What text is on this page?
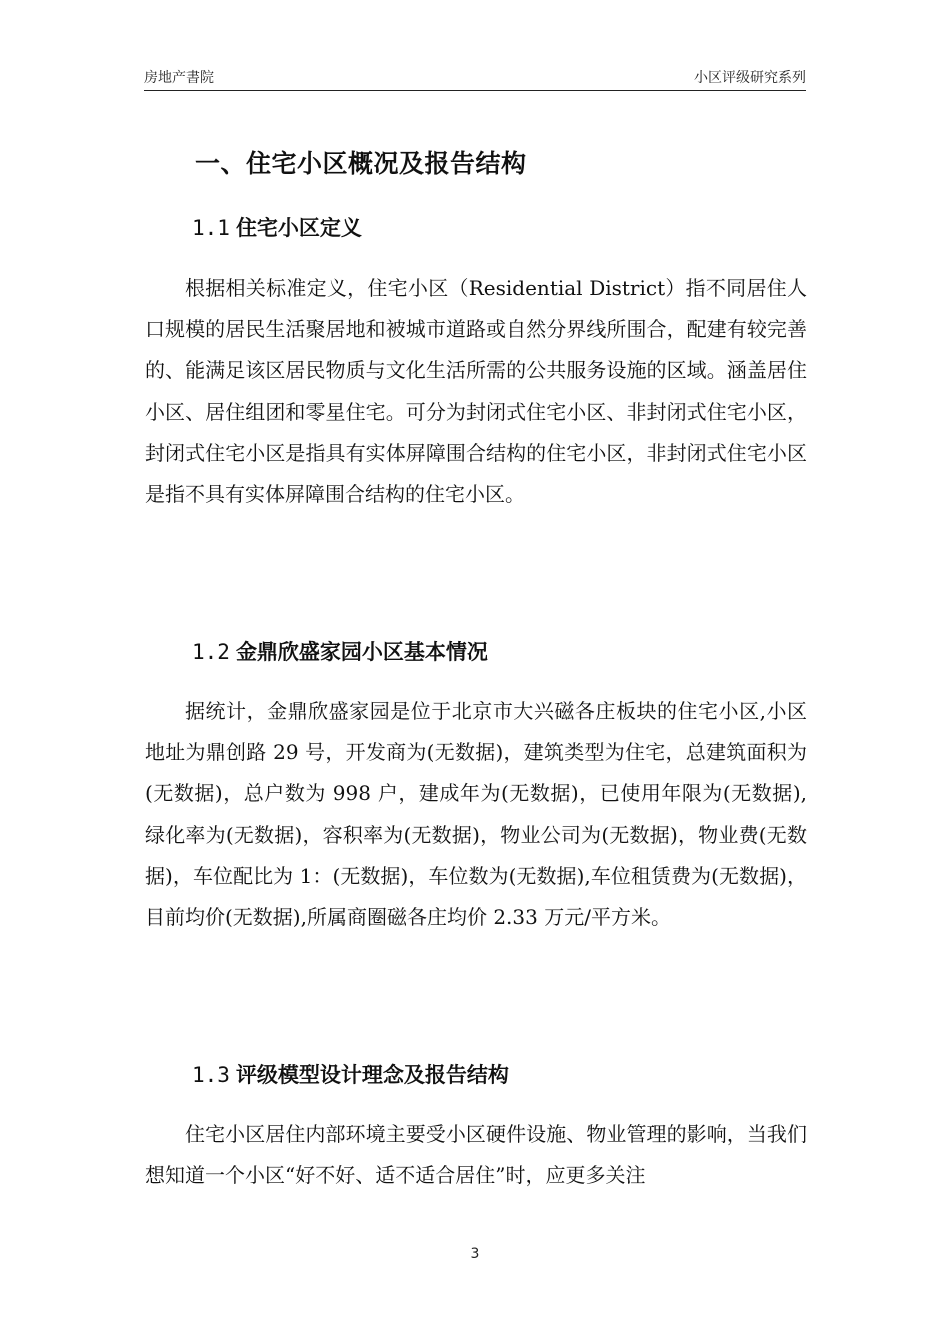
房地产書院	小区评级研究系列
一、住宅小区概况及报告结构
1.1 住宅小区定义

根据相关标准定义，住宅小区（Residential District）指不同居住人口规模的居民生活聚居地和被城市道路或自然分界线所围合，配建有较完善的、能满足该区居民物质与文化生活所需的公共服务设施的区域。涵盖居住小区、居住组团和零星住宅。可分为封闭式住宅小区、非封闭式住宅小区，封闭式住宅小区是指具有实体屏障围合结构的住宅小区，非封闭式住宅小区是指不具有实体屏障围合结构的住宅小区。

1.2 金鼎欣盛家园小区基本情况

据统计，金鼎欣盛家园是位于北京市大兴磁各庄板块的住宅小区,小区地址为鼎创路 29 号，开发商为(无数据)，建筑类型为住宅，总建筑面积为(无数据)，总户数为 998 户，建成年为(无数据)，已使用年限为(无数据),绿化率为(无数据)，容积率为(无数据)，物业公司为(无数据)，物业费(无数据)，车位配比为 1：(无数据)，车位数为(无数据),车位租赁费为(无数据)，目前均价(无数据),所属商圈磁各庄均价 2.33 万元/平方米。

1.3 评级模型设计理念及报告结构

住宅小区居住内部环境主要受小区硬件设施、物业管理的影响，当我们想知道一个小区“好不好、适不适合居住”时，应更多关注

3
